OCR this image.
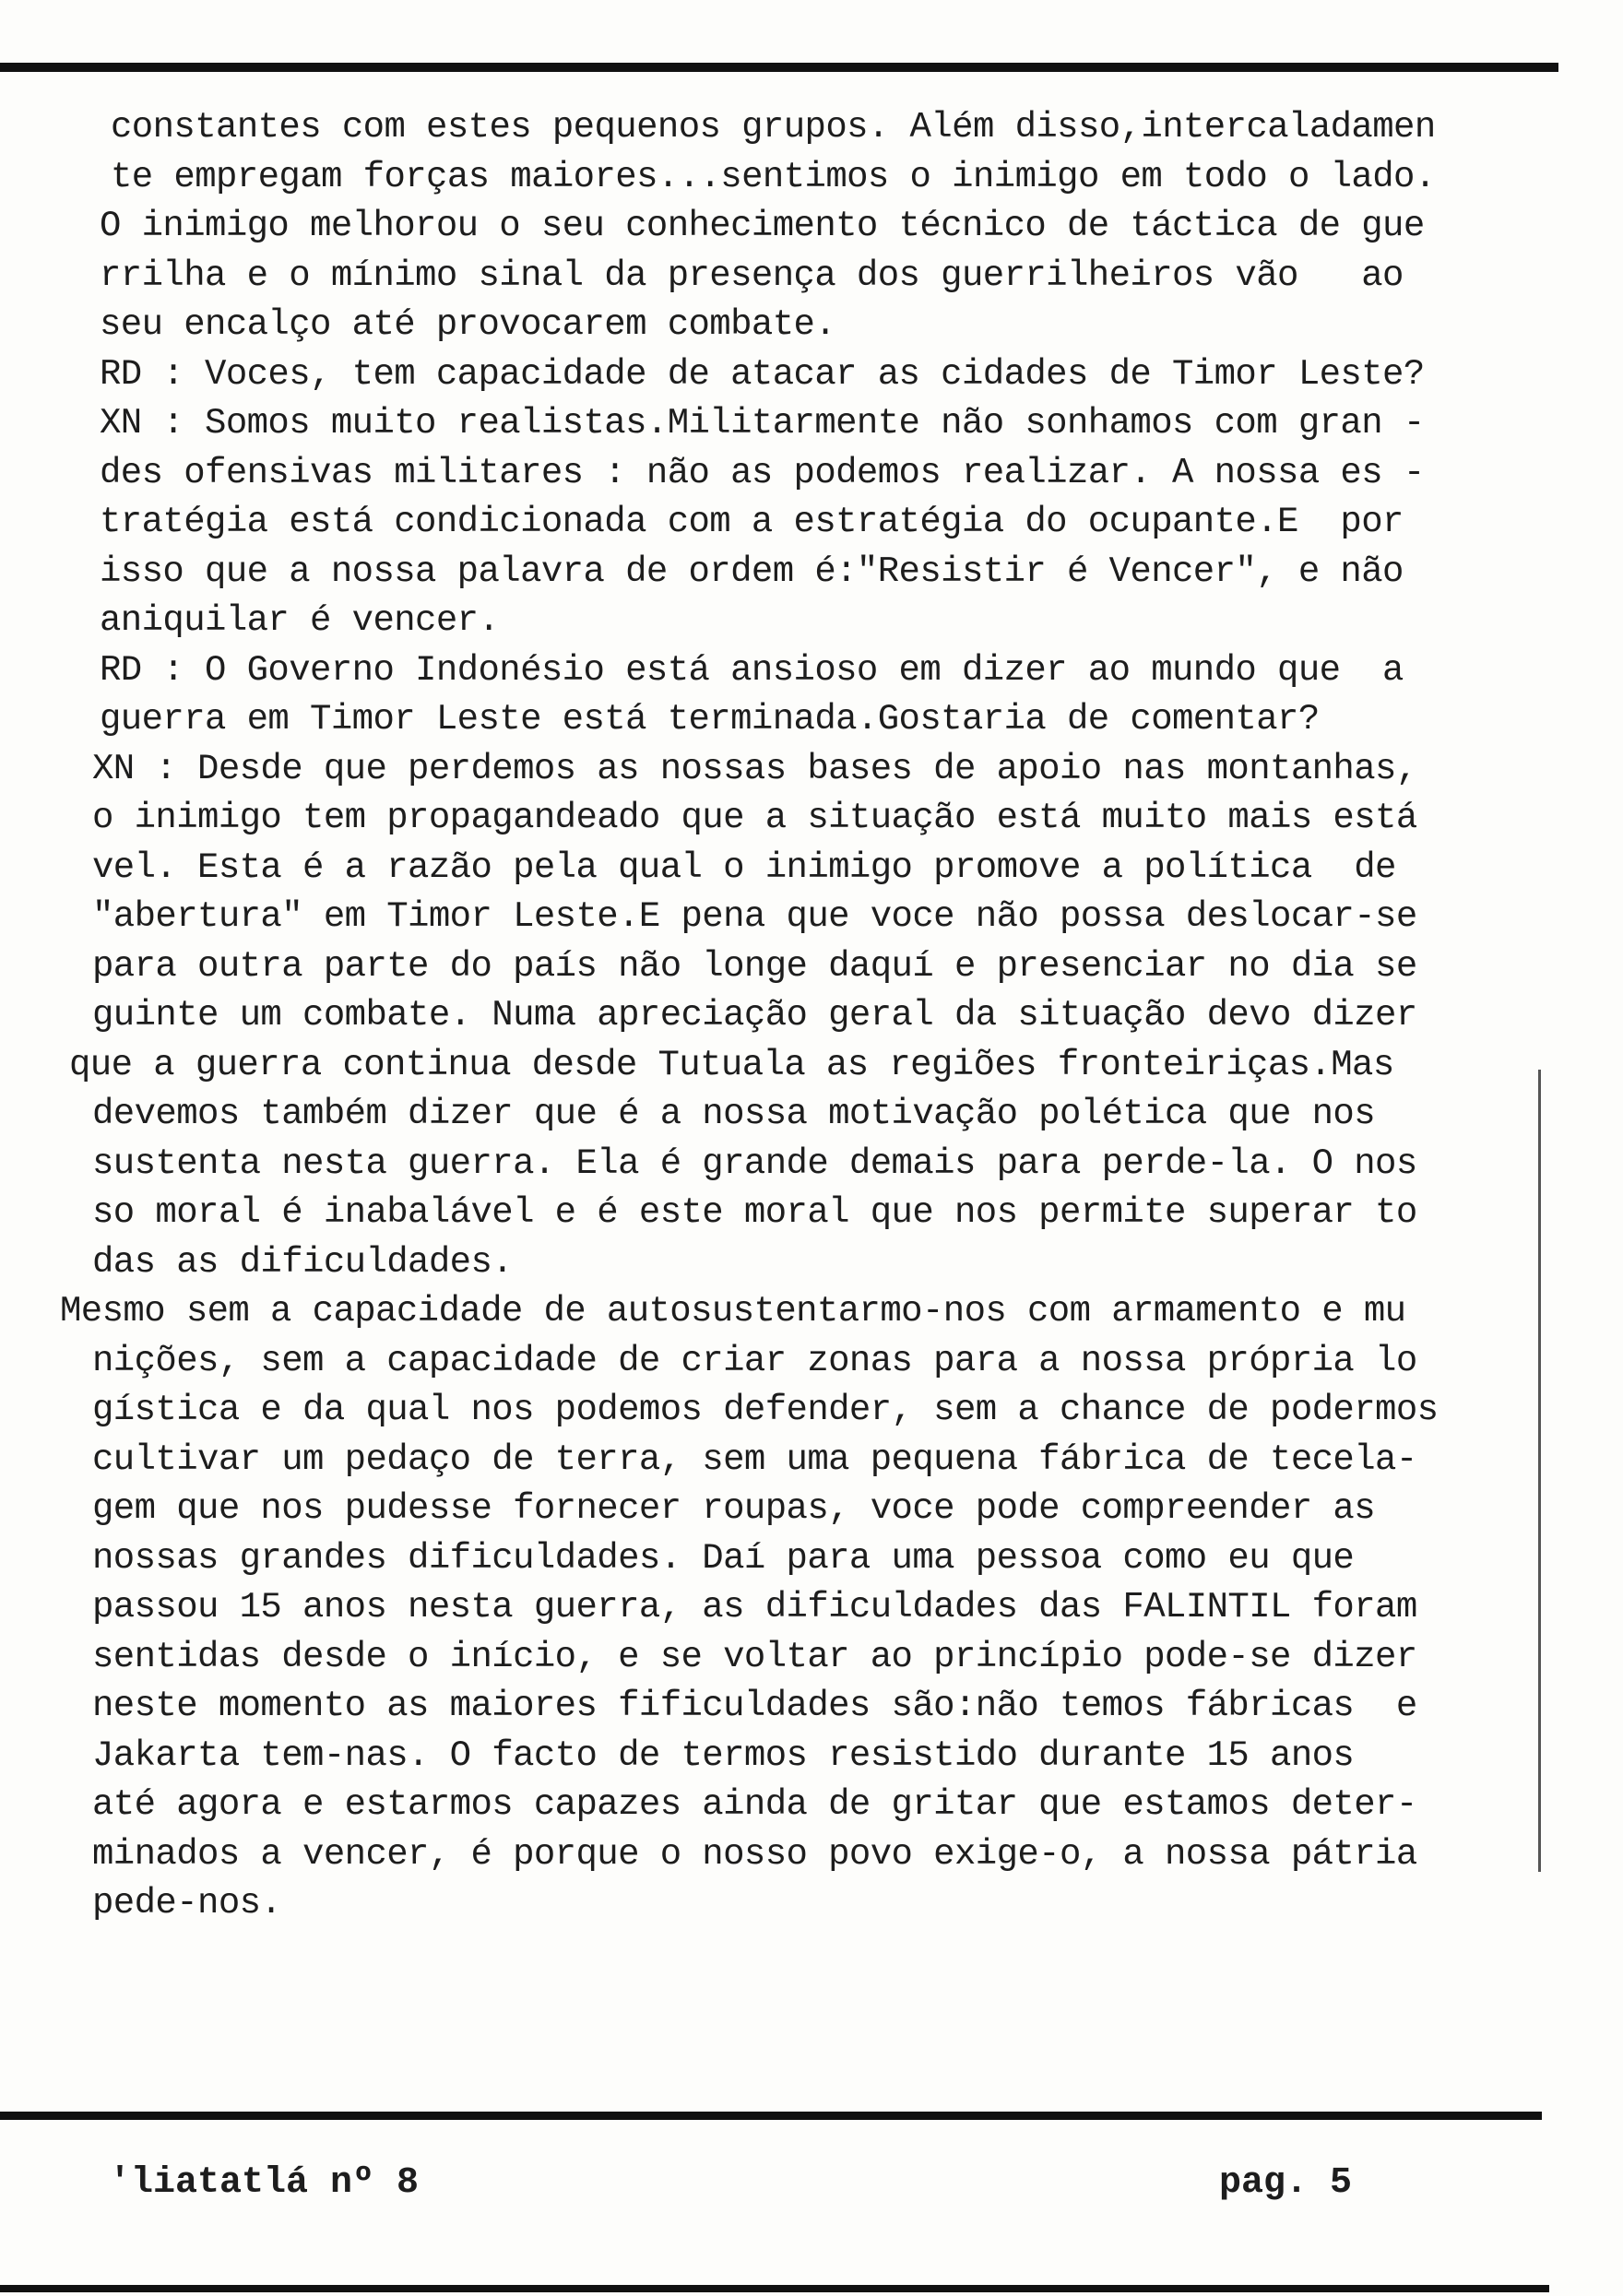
constantes com estes pequenos grupos. Além disso,intercaladamen
te empregam forças maiores...sentimos o inimigo em todo o lado.
O inimigo melhorou o seu conhecimento técnico de táctica de gue
rrilha e o mínimo sinal da presença dos guerrilheiros vão   ao
seu encalço até provocarem combate.
RD : Voces, tem capacidade de atacar as cidades de Timor Leste?
XN : Somos muito realistas.Militarmente não sonhamos com gran -
des ofensivas militares : não as podemos realizar. A nossa es -
tratégia está condicionada com a estratégia do ocupante.E  por
isso que a nossa palavra de ordem é:"Resistir é Vencer", e não
aniquilar é vencer.
RD : O Governo Indonésio está ansioso em dizer ao mundo que  a
guerra em Timor Leste está terminada.Gostaria de comentar?
XN : Desde que perdemos as nossas bases de apoio nas montanhas,
o inimigo tem propagandeado que a situação está muito mais está
vel. Esta é a razão pela qual o inimigo promove a política  de
"abertura" em Timor Leste.E pena que voce não possa deslocar-se
para outra parte do país não longe daquí e presenciar no dia se
guinte um combate. Numa apreciação geral da situação devo dizer
que a guerra continua desde Tutuala as regiões fronteiriças.Mas
devemos também dizer que é a nossa motivação polética que nos
sustenta nesta guerra. Ela é grande demais para perde-la. O nos
so moral é inabalável e é este moral que nos permite superar to
das as dificuldades.
Mesmo sem a capacidade de autosustentarmo-nos com armamento e mu
nições, sem a capacidade de criar zonas para a nossa própria lo
gística e da qual nos podemos defender, sem a chance de podermos
cultivar um pedaço de terra, sem uma pequena fábrica de tecela-
gem que nos pudesse fornecer roupas, voce pode compreender as
nossas grandes dificuldades. Daí para uma pessoa como eu que
passou 15 anos nesta guerra, as dificuldades das FALINTIL foram
sentidas desde o início, e se voltar ao princípio pode-se dizer
neste momento as maiores fificuldades são:não temos fábricas  e
Jakarta tem-nas. O facto de termos resistido durante 15 anos
até agora e estarmos capazes ainda de gritar que estamos deter-
minados a vencer, é porque o nosso povo exige-o, a nossa pátria
pede-nos.
'liatatlá nº 8	pag. 5
